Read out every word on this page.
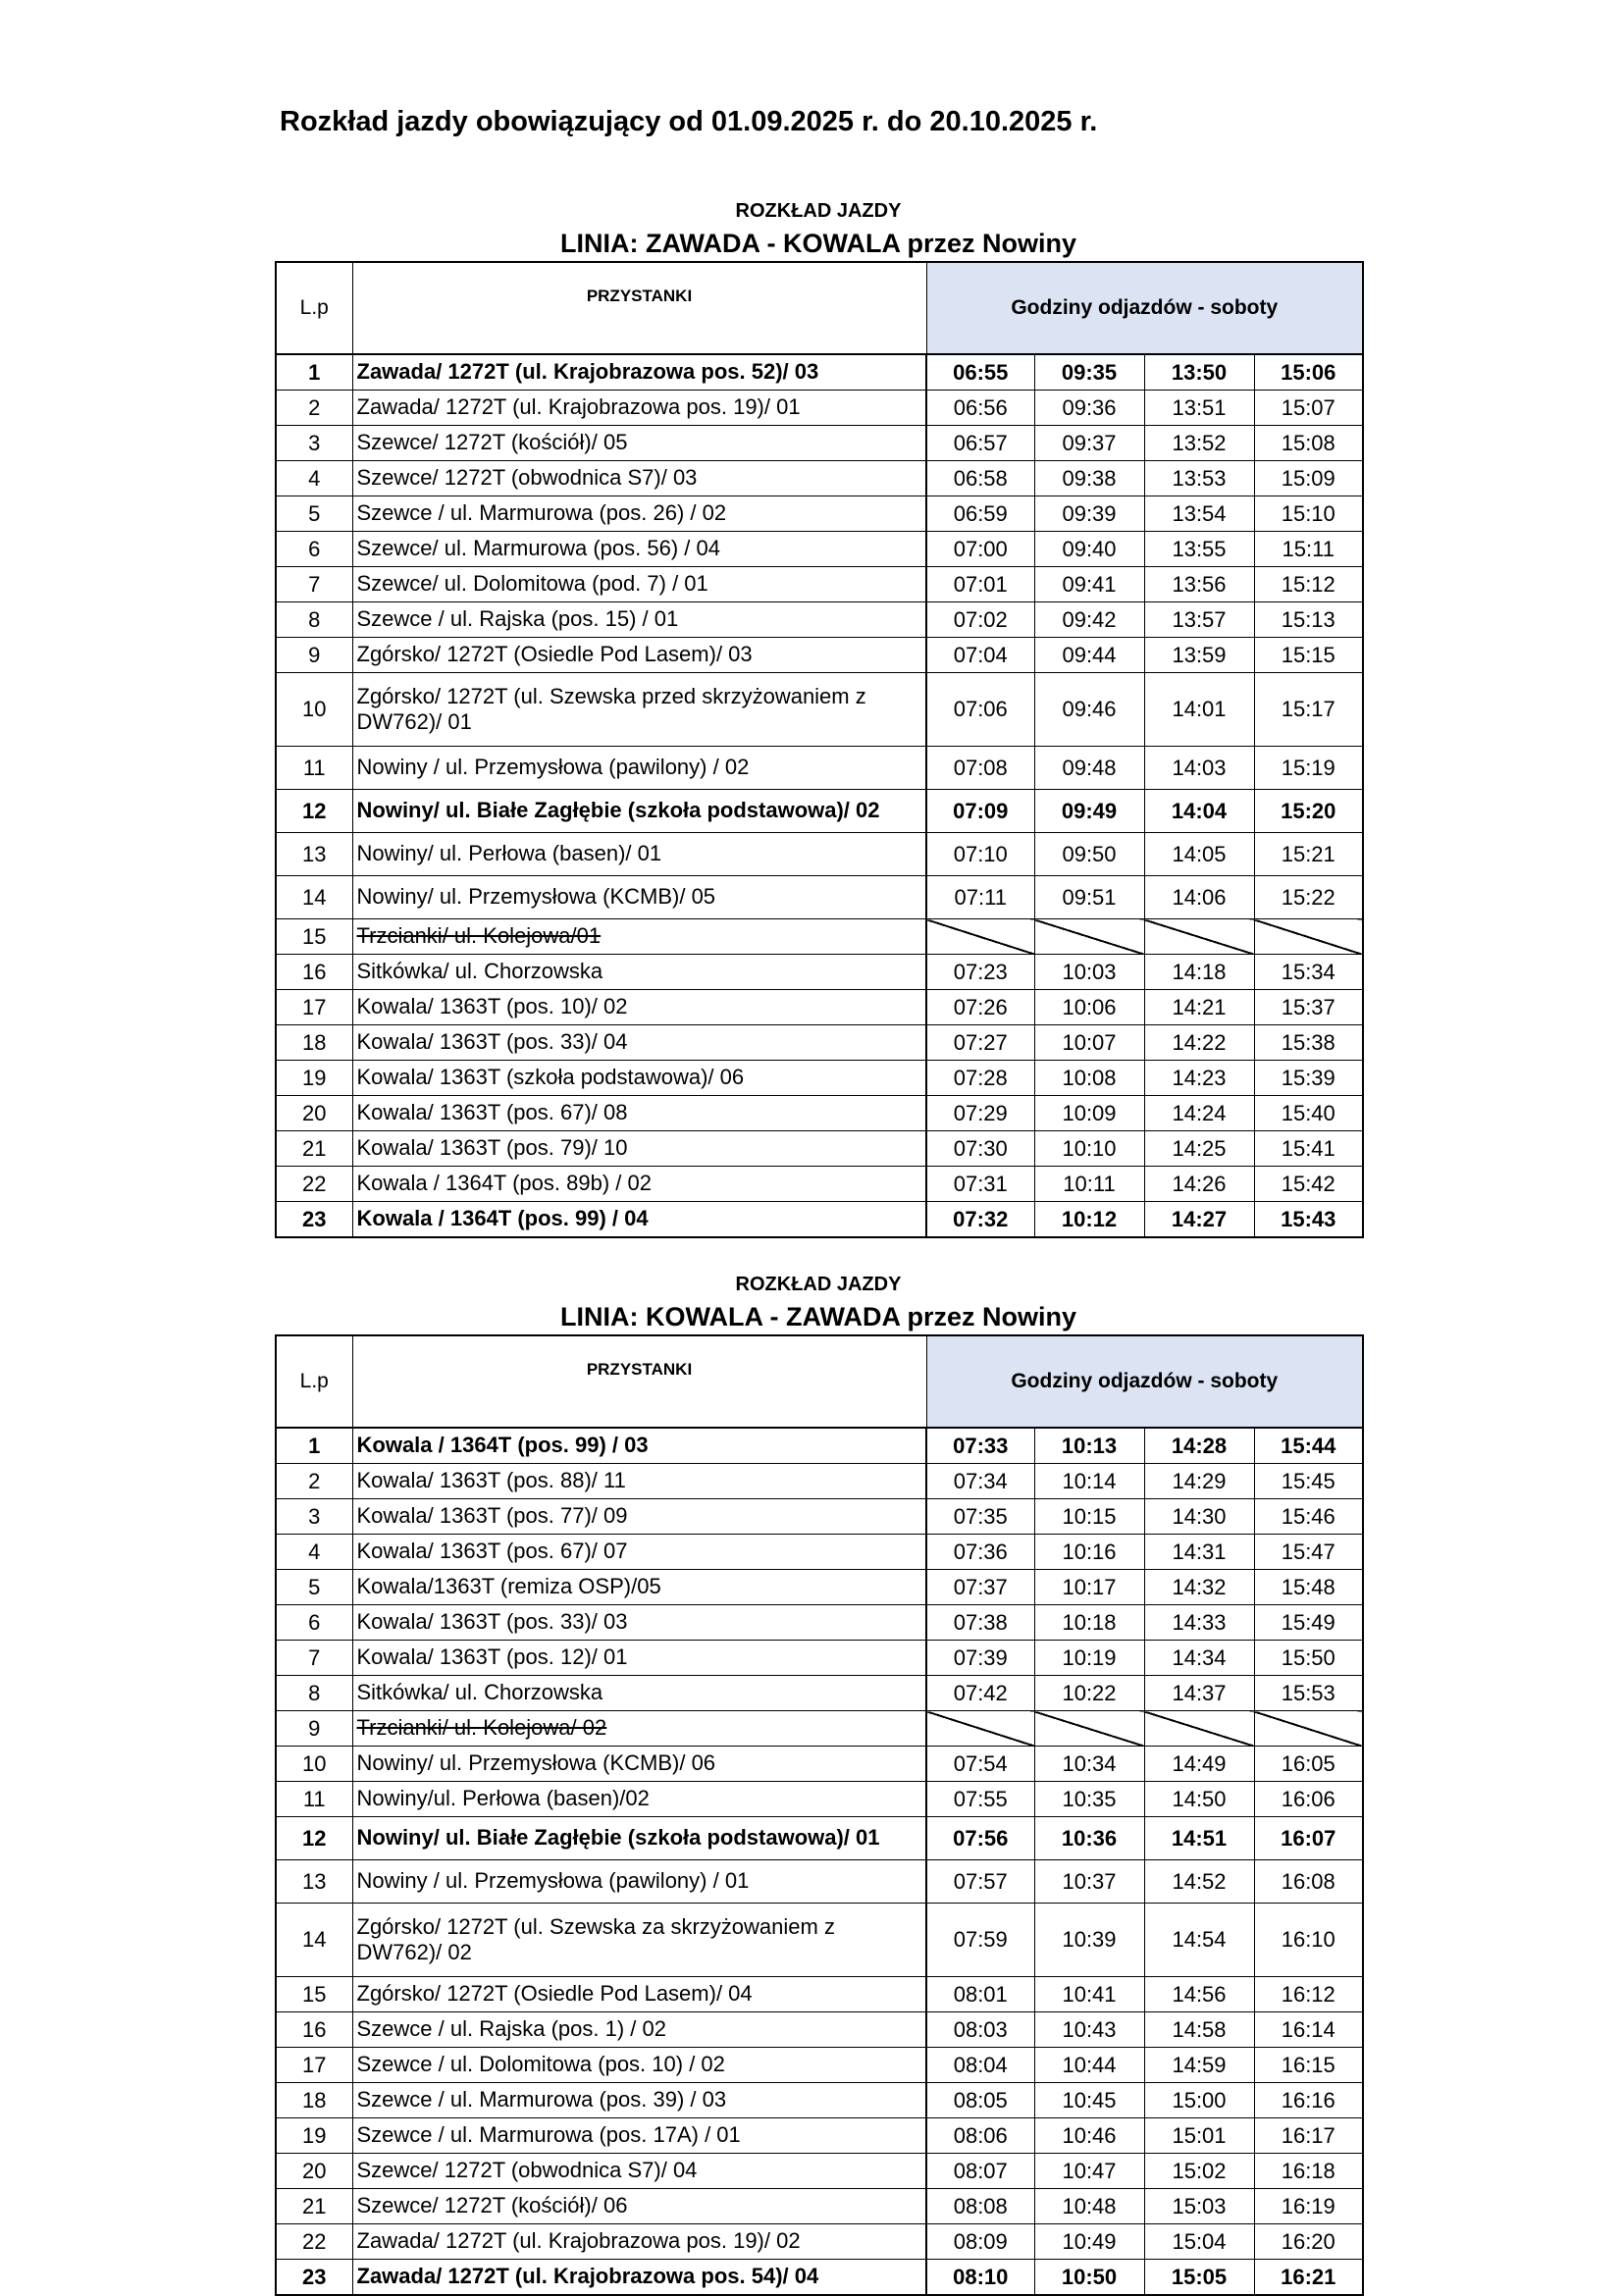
Rozkład jazdy obowiązujący od 01.09.2025 r. do 20.10.2025 r.
ROZKŁAD JAZDY
LINIA: ZAWADA - KOWALA przez Nowiny
L.p	PRZYSTANKI	Godziny odjazdów - soboty			
1	Zawada/ 1272T (ul. Krajobrazowa pos. 52)/ 03	06:55	09:35	13:50	15:06
2	Zawada/ 1272T (ul. Krajobrazowa pos. 19)/ 01	06:56	09:36	13:51	15:07
3	Szewce/ 1272T (kościół)/ 05	06:57	09:37	13:52	15:08
4	Szewce/ 1272T (obwodnica S7)/ 03	06:58	09:38	13:53	15:09
5	Szewce / ul. Marmurowa (pos. 26) / 02	06:59	09:39	13:54	15:10
6	Szewce/ ul. Marmurowa (pos. 56) / 04	07:00	09:40	13:55	15:11
7	Szewce/ ul. Dolomitowa (pod. 7) / 01	07:01	09:41	13:56	15:12
8	Szewce / ul. Rajska (pos. 15) / 01	07:02	09:42	13:57	15:13
9	Zgórsko/ 1272T (Osiedle Pod Lasem)/ 03	07:04	09:44	13:59	15:15
10	Zgórsko/ 1272T (ul. Szewska przed skrzyżowaniem z DW762)/ 01	07:06	09:46	14:01	15:17
11	Nowiny / ul. Przemysłowa (pawilony) / 02	07:08	09:48	14:03	15:19
12	Nowiny/ ul. Białe Zagłębie (szkoła podstawowa)/ 02	07:09	09:49	14:04	15:20
13	Nowiny/ ul. Perłowa (basen)/ 01	07:10	09:50	14:05	15:21
14	Nowiny/ ul. Przemysłowa (KCMB)/ 05	07:11	09:51	14:06	15:22
15	Trzcianki/ ul. Kolejowa/01				
16	Sitkówka/ ul. Chorzowska	07:23	10:03	14:18	15:34
17	Kowala/ 1363T (pos. 10)/ 02	07:26	10:06	14:21	15:37
18	Kowala/ 1363T (pos. 33)/ 04	07:27	10:07	14:22	15:38
19	Kowala/ 1363T (szkoła podstawowa)/ 06	07:28	10:08	14:23	15:39
20	Kowala/ 1363T (pos. 67)/ 08	07:29	10:09	14:24	15:40
21	Kowala/ 1363T (pos. 79)/ 10	07:30	10:10	14:25	15:41
22	Kowala / 1364T (pos. 89b) / 02	07:31	10:11	14:26	15:42
23	Kowala / 1364T (pos. 99) / 04	07:32	10:12	14:27	15:43
ROZKŁAD JAZDY
LINIA: KOWALA - ZAWADA przez Nowiny
L.p	PRZYSTANKI	Godziny odjazdów - soboty			
1	Kowala / 1364T (pos. 99) / 03	07:33	10:13	14:28	15:44
2	Kowala/ 1363T (pos. 88)/ 11	07:34	10:14	14:29	15:45
3	Kowala/ 1363T (pos. 77)/ 09	07:35	10:15	14:30	15:46
4	Kowala/ 1363T (pos. 67)/ 07	07:36	10:16	14:31	15:47
5	Kowala/1363T (remiza OSP)/05	07:37	10:17	14:32	15:48
6	Kowala/ 1363T (pos. 33)/ 03	07:38	10:18	14:33	15:49
7	Kowala/ 1363T (pos. 12)/ 01	07:39	10:19	14:34	15:50
8	Sitkówka/ ul. Chorzowska	07:42	10:22	14:37	15:53
9	Trzcianki/ ul. Kolejowa/ 02				
10	Nowiny/ ul. Przemysłowa (KCMB)/ 06	07:54	10:34	14:49	16:05
11	Nowiny/ul. Perłowa (basen)/02	07:55	10:35	14:50	16:06
12	Nowiny/ ul. Białe Zagłębie (szkoła podstawowa)/ 01	07:56	10:36	14:51	16:07
13	Nowiny / ul. Przemysłowa (pawilony) / 01	07:57	10:37	14:52	16:08
14	Zgórsko/ 1272T (ul. Szewska za skrzyżowaniem z DW762)/ 02	07:59	10:39	14:54	16:10
15	Zgórsko/ 1272T (Osiedle Pod Lasem)/ 04	08:01	10:41	14:56	16:12
16	Szewce / ul. Rajska (pos. 1) / 02	08:03	10:43	14:58	16:14
17	Szewce / ul. Dolomitowa (pos. 10) / 02	08:04	10:44	14:59	16:15
18	Szewce / ul. Marmurowa (pos. 39) / 03	08:05	10:45	15:00	16:16
19	Szewce / ul. Marmurowa (pos. 17A) / 01	08:06	10:46	15:01	16:17
20	Szewce/ 1272T (obwodnica S7)/ 04	08:07	10:47	15:02	16:18
21	Szewce/ 1272T (kościół)/ 06	08:08	10:48	15:03	16:19
22	Zawada/ 1272T (ul. Krajobrazowa pos. 19)/ 02	08:09	10:49	15:04	16:20
23	Zawada/ 1272T (ul. Krajobrazowa pos. 54)/ 04	08:10	10:50	15:05	16:21
